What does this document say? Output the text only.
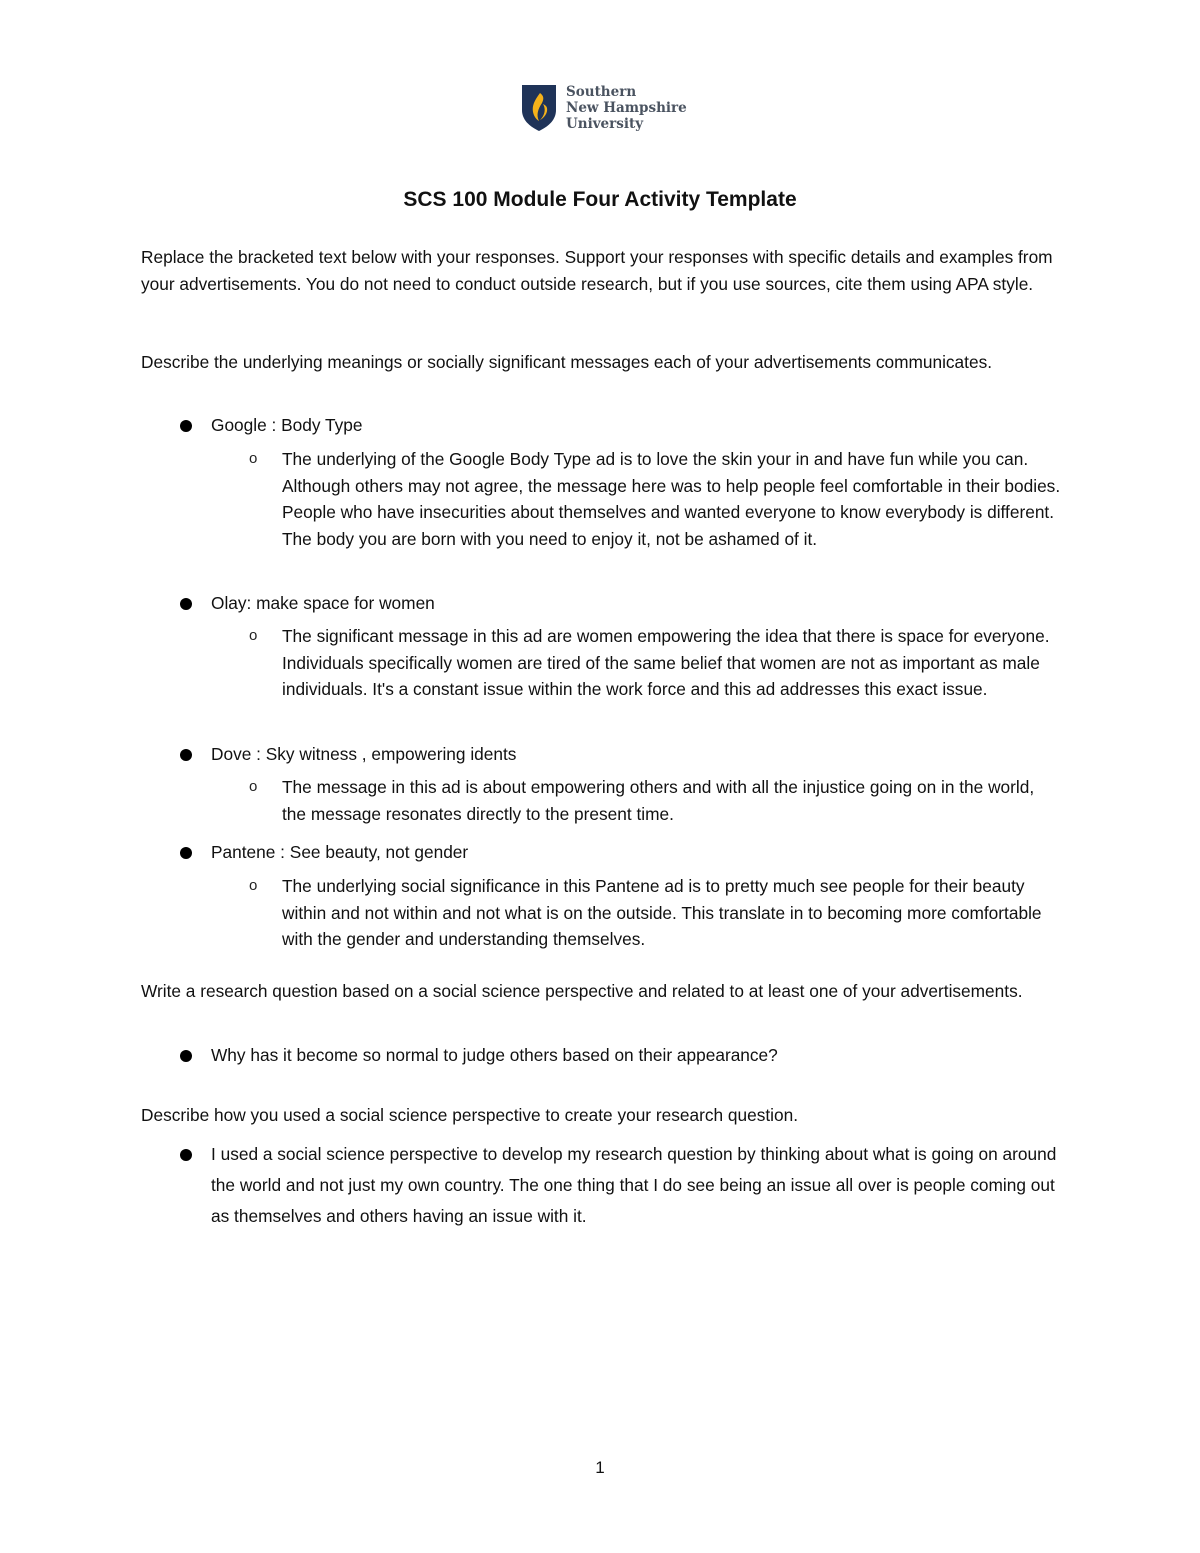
Southern
New Hampshire
University
SCS 100 Module Four Activity Template

Replace the bracketed text below with your responses. Support your responses with specific details and examples from your advertisements. You do not need to conduct outside research, but if you use sources, cite them using APA style.

Describe the underlying meanings or socially significant messages each of your advertisements communicates.

Google : Body Type
o The underlying of the Google Body Type ad is to love the skin your in and have fun while you can. Although others may not agree, the message here was to help people feel comfortable in their bodies. People who have insecurities about themselves and wanted everyone to know everybody is different. The body you are born with you need to enjoy it, not be ashamed of it.
Olay: make space for women
o The significant message in this ad are women empowering the idea that there is space for everyone. Individuals specifically women are tired of the same belief that women are not as important as male individuals. It's a constant issue within the work force and this ad addresses this exact issue.
Dove : Sky witness , empowering idents
o The message in this ad is about empowering others and with all the injustice going on in the world, the message resonates directly to the present time.
Pantene : See beauty, not gender
o The underlying social significance in this Pantene ad is to pretty much see people for their beauty within and not within and not what is on the outside. This translate in to becoming more comfortable with the gender and understanding themselves.

Write a research question based on a social science perspective and related to at least one of your advertisements.

Why has it become so normal to judge others based on their appearance?

Describe how you used a social science perspective to create your research question.

I used a social science perspective to develop my research question by thinking about what is going on around the world and not just my own country. The one thing that I do see being an issue all over is people coming out as themselves and others having an issue with it.
1
